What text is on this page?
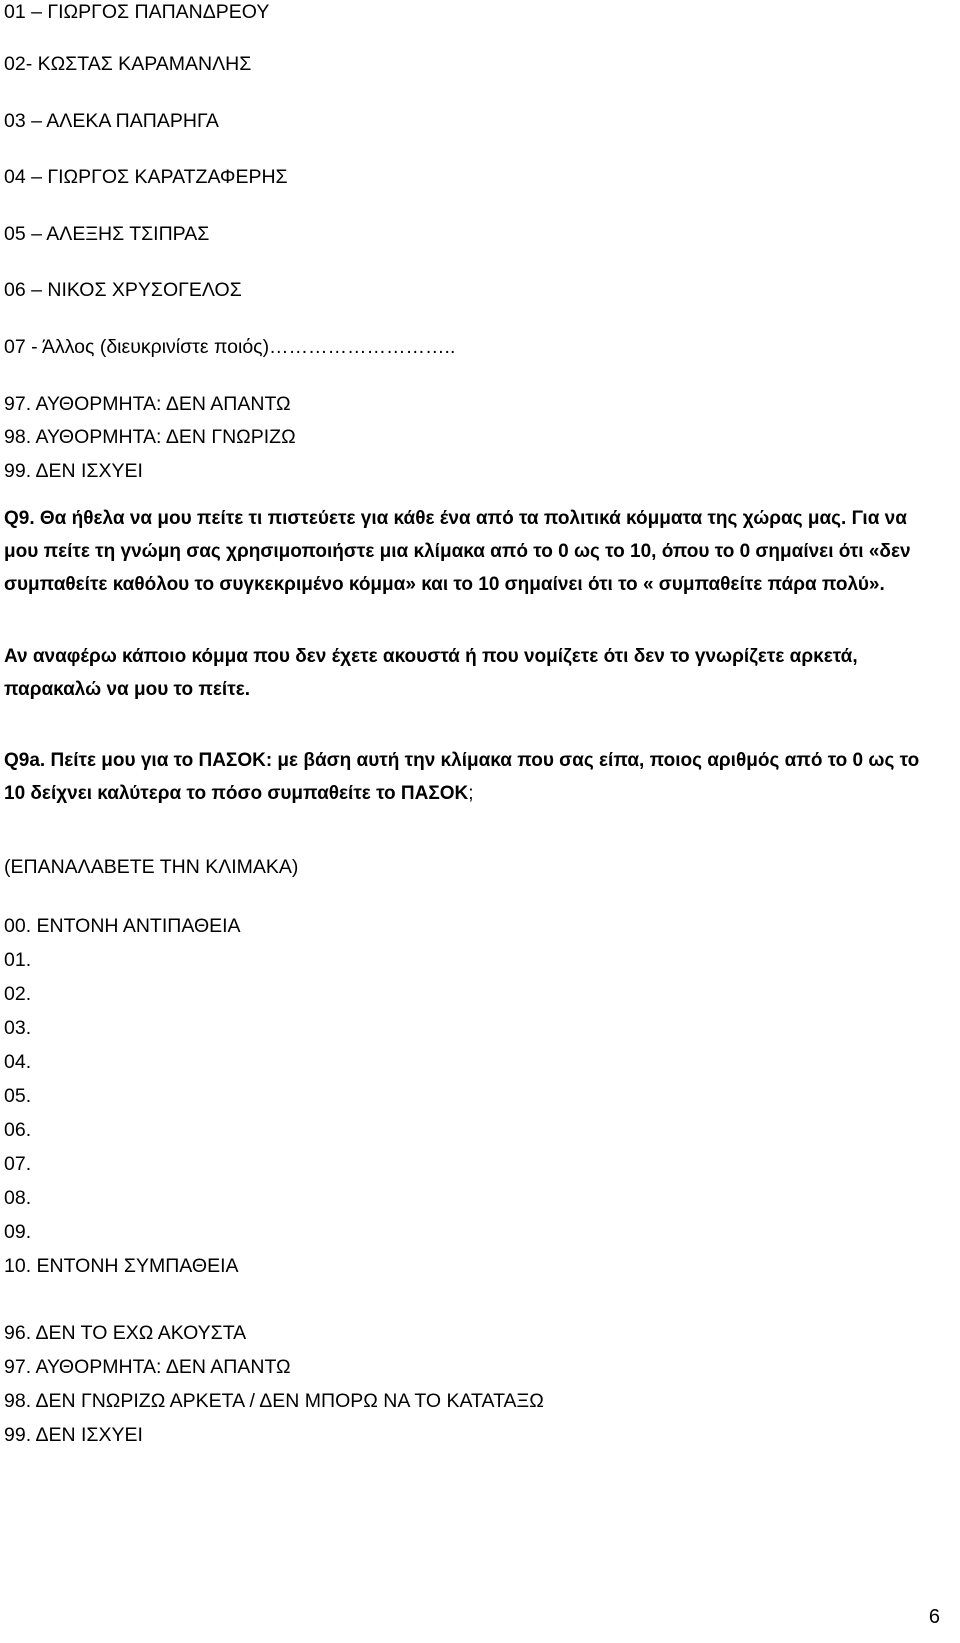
01 – ΓΙΩΡΓΟΣ ΠΑΠΑΝΔΡΕΟΥ
02- ΚΩΣΤΑΣ ΚΑΡΑΜΑΝΛΗΣ
03 – ΑΛΕΚΑ ΠΑΠΑΡΗΓΑ
04 – ΓΙΩΡΓΟΣ ΚΑΡΑΤΖΑΦΕΡΗΣ
05 – ΑΛΕΞΗΣ ΤΣΙΠΡΑΣ
06 – ΝΙΚΟΣ ΧΡΥΣΟΓΕΛΟΣ
07 - Άλλος (διευκρινίστε ποιός)………………………..
97. ΑΥΘΟΡΜΗΤΑ: ΔΕΝ ΑΠΑΝΤΩ
98. ΑΥΘΟΡΜΗΤΑ: ΔΕΝ ΓΝΩΡΙΖΩ
99. ΔΕΝ ΙΣΧΥΕΙ

Q9. Θα ήθελα να μου πείτε τι πιστεύετε για κάθε ένα από τα πολιτικά κόμματα της χώρας μας. Για να μου πείτε τη γνώμη σας χρησιμοποιήστε μια κλίμακα από το 0 ως το 10, όπου το 0 σημαίνει ότι «δεν συμπαθείτε καθόλου το συγκεκριμένο κόμμα» και το 10 σημαίνει ότι το « συμπαθείτε πάρα πολύ».

Αν αναφέρω κάποιο κόμμα που δεν έχετε ακουστά ή που νομίζετε ότι δεν το γνωρίζετε αρκετά, παρακαλώ να μου το πείτε.

Q9a. Πείτε μου για το ΠΑΣΟΚ: με βάση αυτή την κλίμακα που σας είπα, ποιος αριθμός από το 0 ως το 10 δείχνει καλύτερα το πόσο συμπαθείτε το ΠΑΣΟΚ;

(ΕΠΑΝΑΛΑΒΕΤΕ ΤΗΝ ΚΛΙΜΑΚΑ)
00. ΕΝΤΟΝΗ ΑΝΤΙΠΑΘΕΙΑ
01.
02.
03.
04.
05.
06.
07.
08.
09.
10. ΕΝΤΟΝΗ ΣΥΜΠΑΘΕΙΑ
96. ΔΕΝ ΤΟ ΕΧΩ ΑΚΟΥΣΤΑ
97. ΑΥΘΟΡΜΗΤΑ: ΔΕΝ ΑΠΑΝΤΩ
98. ΔΕΝ ΓΝΩΡΙΖΩ ΑΡΚΕΤΑ / ΔΕΝ ΜΠΟΡΩ ΝΑ ΤΟ ΚΑΤΑΤΑΞΩ
99. ΔΕΝ ΙΣΧΥΕΙ
6
